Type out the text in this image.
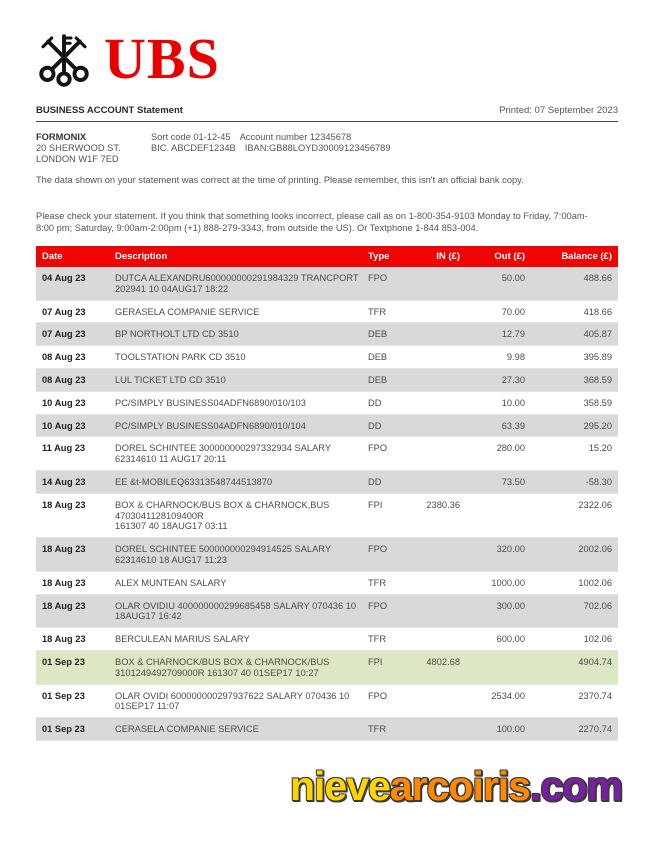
UBS
BUSINESS ACCOUNT Statement	Printed: 07 September 2023
FORMONIX
20 SHERWOOD ST.
LONDON W1F 7ED
Sort code 01-12-45 Account number 12345678
BIC. ABCDEF1234B IBAN:GB88LOYD30009123456789

The data shown on your statement was correct at the time of printing. Please remember, this isn't an official bank copy.

Please check your statement. If you think that something looks incorrect, please call as on 1-800-354-9103 Monday to Friday, 7:00am-8:00 pm; Saturday, 9:00am-2:00pm (+1) 888-279-3343, from outside the US). Or Textphone 1-844 853-004.

Date	Description	Type	IN (£)	Out (£)	Balance (£)
04 Aug 23	DUTCA ALEXANDRU600000000291984329 TRANCPORT
202941 10 04AUG17 18:22	FPO		50.00	488.66
07 Aug 23	GERASELA COMPANIE SERVICE	TFR		70.00	418.66
07 Aug 23	BP NORTHOLT LTD CD 3510	DEB		12.79	405.87
08 Aug 23	TOOLSTATION PARK CD 3510	DEB		9.98	395.89
08 Aug 23	LUL TICKET LTD CD 3510	DEB		27.30	368.59
10 Aug 23	PC/SIMPLY BUSINESS04ADFN6890/010/103	DD		10.00	358.59
10 Aug 23	PC/SIMPLY BUSINESS04ADFN6890/010/104	DD		63.39	295.20
11 Aug 23	DOREL SCHINTEE 300000000297332934 SALARY
62314610 11 AUG17 20:11	FPO		280.00	15.20
14 Aug 23	EE &t-MOBILEQ63313548744513870	DD		73.50	-58.30
18 Aug 23	BOX & CHARNOCK/BUS BOX & CHARNOCK,BUS 4703041128109400R
161307 40 18AUG17 03:11	FPI	2380.36		2322.06
18 Aug 23	DOREL SCHINTEE 500000000294914525 SALARY
62314610 18 AUG17 11:23	FPO		320.00	2002.06
18 Aug 23	ALEX MUNTEAN SALARY	TFR		1000.00	1002.06
18 Aug 23	OLAR OVIDIU 400000000299685458 SALARY 070436 10
18AUG17 16:42	FPO		300.00	702.06
18 Aug 23	BERCULEAN MARIUS SALARY	TFR		600.00	102.06
01 Sep 23	BOX & CHARNOCK/BUS BOX & CHARNOCK/BUS
3101249492709000R 161307 40 01SEP17 10:27	FPI	4802.68		4904.74
01 Sep 23	OLAR OVIDI 600000000297937622 SALARY 070436 10
01SEP17 11:07	FPO		2534.00	2370.74
01 Sep 23	CERASELA COMPANIE SERVICE	TFR		100.00	2270.74
nievearcoiris.com
